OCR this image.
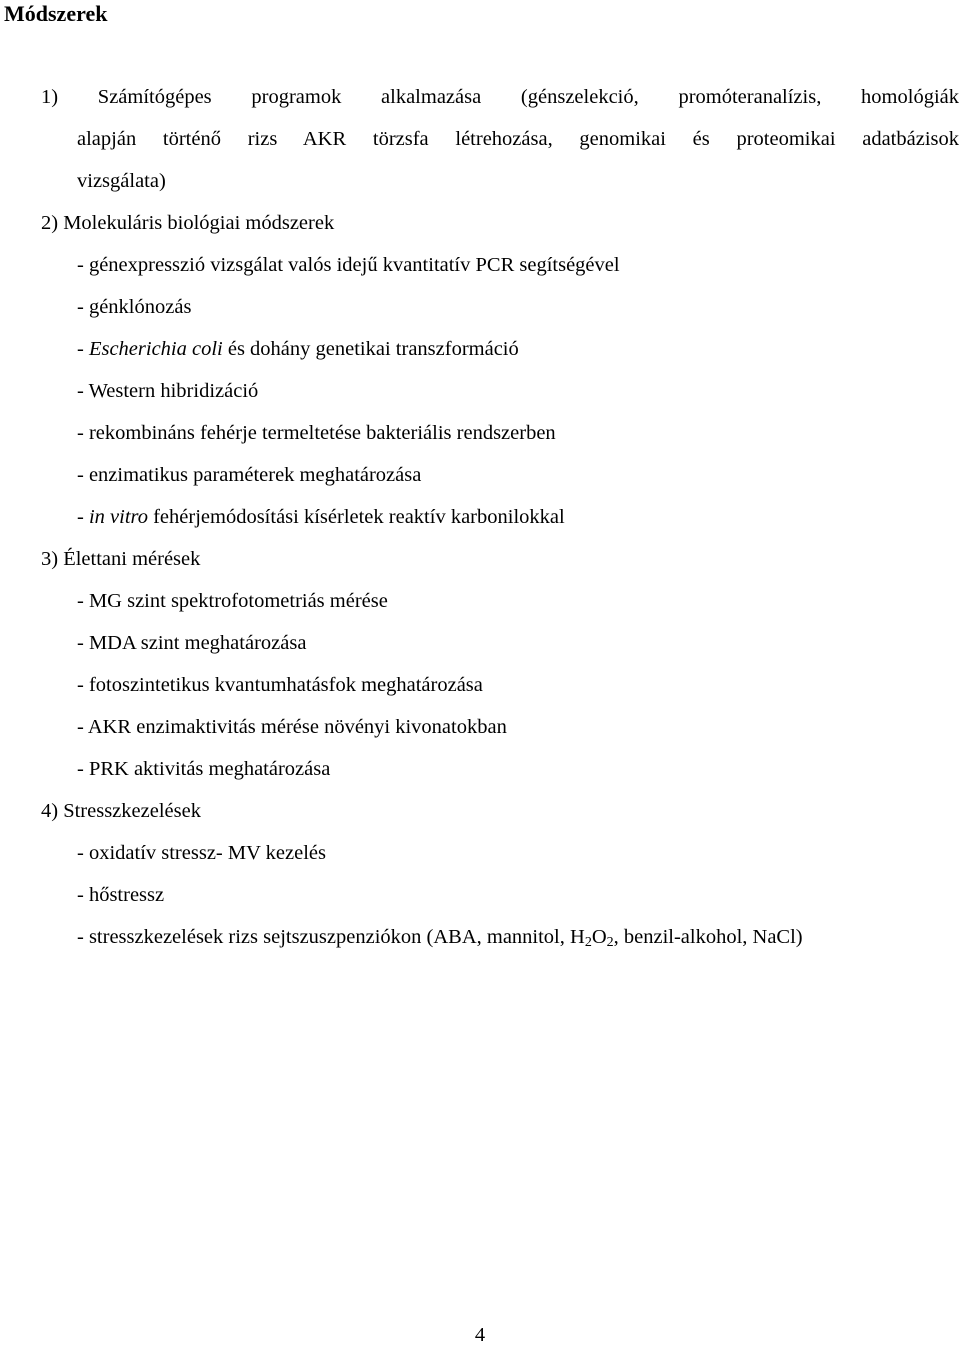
Módszerek
1) Számítógépes programok alkalmazása (génszelekció, promóteranalízis, homológiák
alapján történő rizs AKR törzsfa létrehozása, genomikai és proteomikai adatbázisok
vizsgálata)
2) Molekuláris biológiai módszerek
- génexpresszió vizsgálat valós idejű kvantitatív PCR segítségével
- génklónozás
- Escherichia coli és dohány genetikai transzformáció
- Western hibridizáció
- rekombináns fehérje termeltetése bakteriális rendszerben
- enzimatikus paraméterek meghatározása
- in vitro fehérjemódosítási kísérletek reaktív karbonilokkal
3) Élettani mérések
- MG szint spektrofotometriás mérése
- MDA szint meghatározása
- fotoszintetikus kvantumhatásfok meghatározása
- AKR enzimaktivitás mérése növényi kivonatokban
- PRK aktivitás meghatározása
4) Stresszkezelések
- oxidatív stressz- MV kezelés
- hőstressz
- stresszkezelések rizs sejtszuszpenziókon (ABA, mannitol, $H_2O_2$, benzil-alkohol, NaCl)
4
